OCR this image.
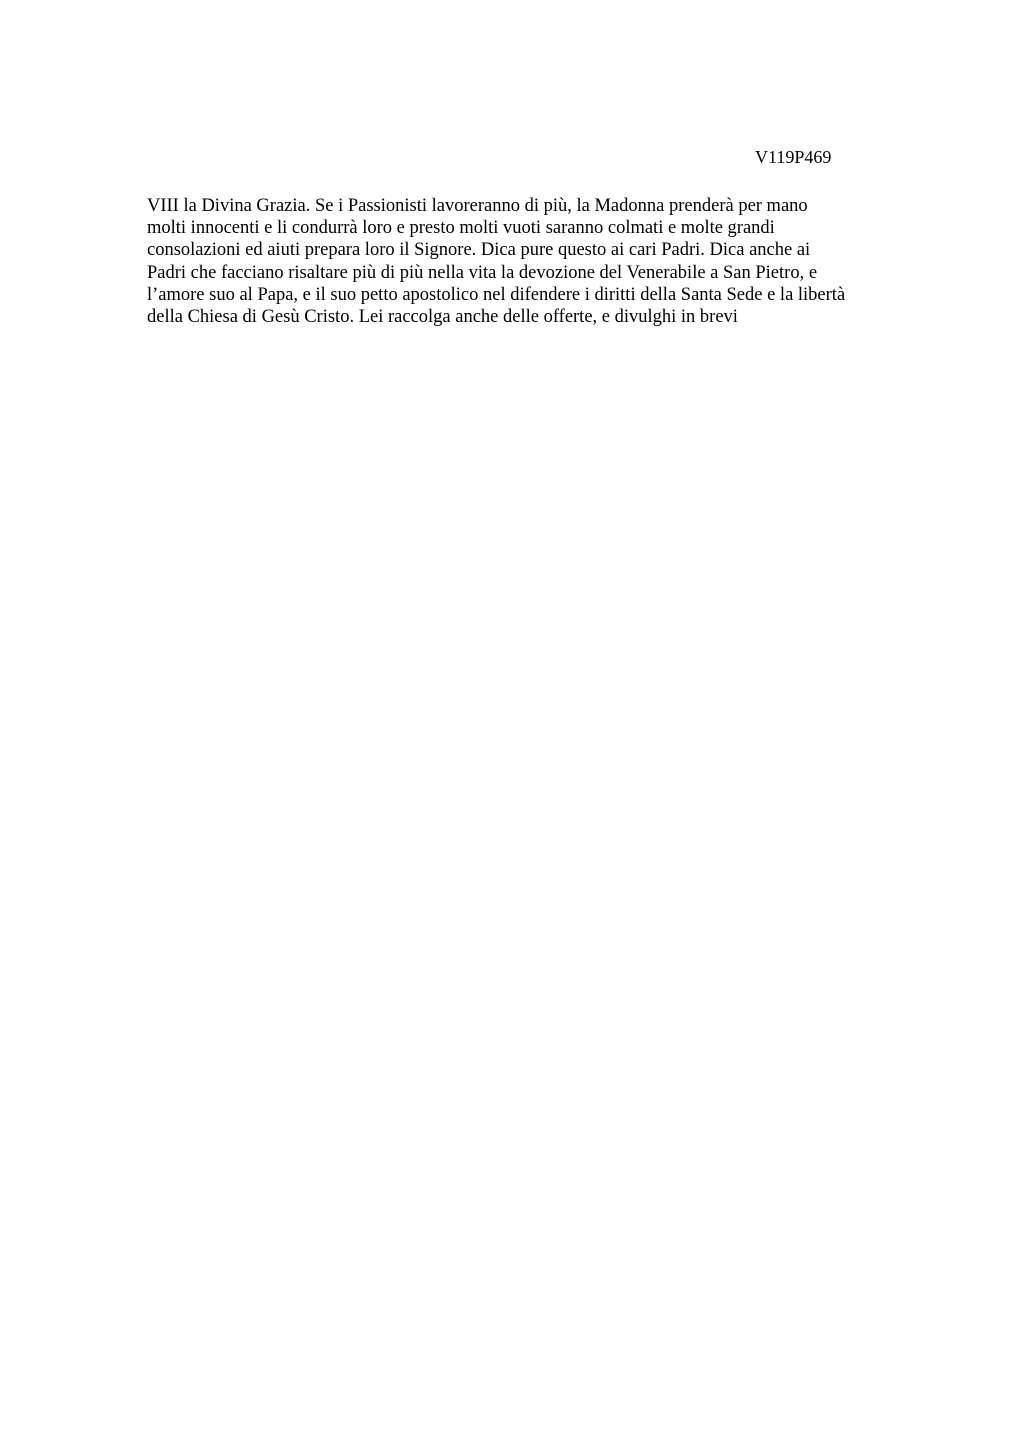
V119P469

VIII la Divina Grazia. Se i Passionisti lavoreranno di più, la Madonna prenderà per mano
molti innocenti e li condurrà loro e presto molti vuoti saranno colmati e molte grandi
consolazioni ed aiuti prepara loro il Signore. Dica pure questo ai cari Padri. Dica anche ai
Padri che facciano risaltare più di più nella vita la devozione del Venerabile a San Pietro, e
l’amore suo al Papa, e il suo petto apostolico nel difendere i diritti della Santa Sede e la libertà
della Chiesa di Gesù Cristo. Lei raccolga anche delle offerte, e divulghi in brevi
